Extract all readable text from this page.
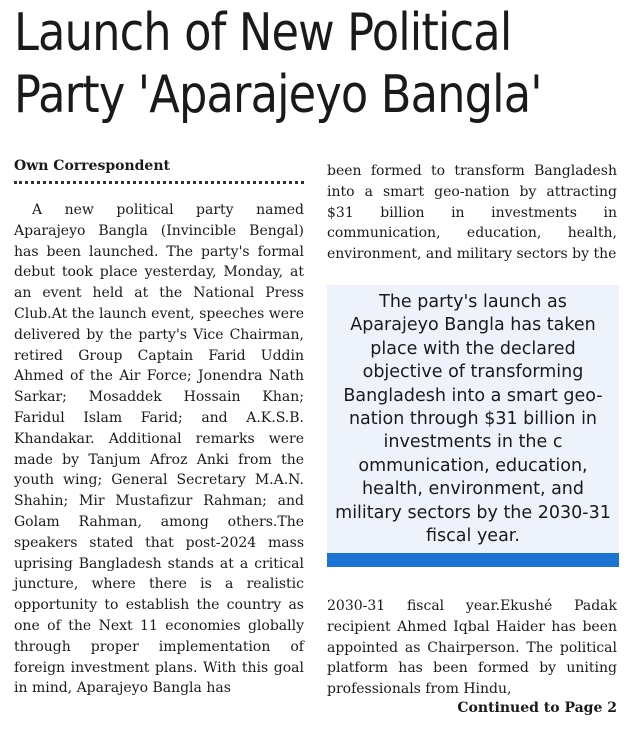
Launch of New Political
Party 'Aparajeyo Bangla'
Own Correspondent

A new political party named Aparajeyo Bangla (Invincible Bengal) has been launched. The party's formal debut took place yesterday, Monday, at an event held at the National Press Club.At the launch event, speeches were delivered by the party's Vice Chairman, retired Group Captain Farid Uddin Ahmed of the Air Force; Jonendra Nath Sarkar; Mosaddek Hossain Khan; Faridul Islam Farid; and A.K.S.B. Khandakar. Additional remarks were made by Tanjum Afroz Anki from the youth wing; General Secretary M.A.N. Shahin; Mir Mustafizur Rahman; and Golam Rahman, among others.The speakers stated that post-2024 mass uprising Bangladesh stands at a critical juncture, where there is a realistic opportunity to establish the country as one of the Next 11 economies globally through proper implementation of foreign investment plans. With this goal in mind, Aparajeyo Bangla has

been formed to transform Bangladesh into a smart geo-nation by attracting $31 billion in investments in communication, education, health, environment, and military sectors by the

The party's launch as Aparajeyo Bangla has taken place with the declared objective of transforming Bangladesh into a smart geo-nation through $31 billion in investments in the c ommunication, education, health, environment, and military sectors by the 2030-31 fiscal year.

2030-31 fiscal year.Ekushé Padak recipient Ahmed Iqbal Haider has been appointed as Chairperson. The political platform has been formed by uniting professionals from Hindu,

Continued to Page 2
